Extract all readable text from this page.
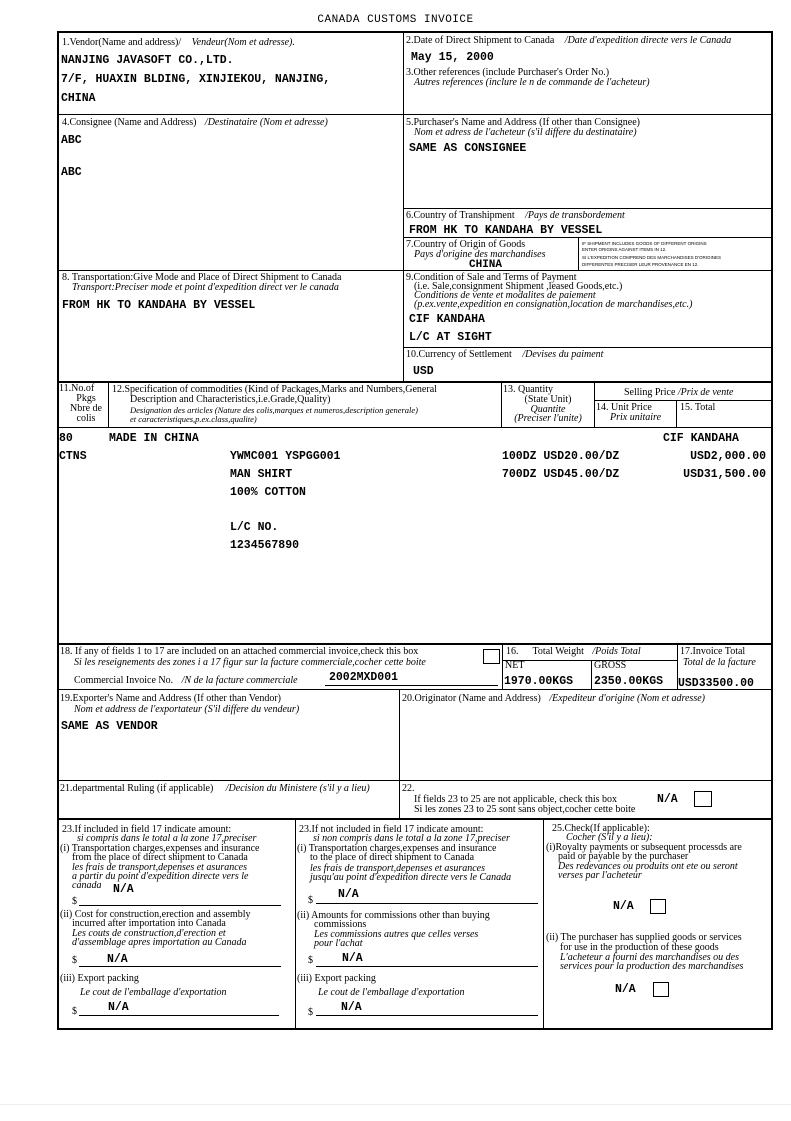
CANADA CUSTOMS INVOICE
1.Vendor(Name and address)/ Vendeur(Nom et adresse).
NANJING JAVASOFT CO.,LTD.
7/F, HUAXIN BLDING, XINJIEKOU, NANJING,
CHINA
2.Date of Direct Shipment to Canada /Date d'expedition directe vers le Canada
May 15, 2000
3.Other references (include Purchaser's Order No.)
Autres references (inclure le n de commande de l'acheteur)
4.Consignee (Name and Address) /Destinataire (Nom et adresse)
ABC
ABC
5.Purchaser's Name and Address (If other than Consignee)
Nom et adress de l'acheteur (s'il differe du destinataire)
SAME AS CONSIGNEE
6.Country of Transhipment /Pays de transbordement
FROM HK TO KANDAHA BY VESSEL
7.Country of Origin of Goods
Pays d'origine des marchandises
CHINA
IF SHIPMENT INCLUDES GOODS OF DIFFERENT ORIGINS
ENTER ORIGINS AGAINST ITEMS IN 12.
SI L'EXPEDITION COMPREND DES MARCHANDISES D'ORIGINES
DIFFERENTES PRECISER LEUR PROVENANCE EN 12.
8. Transportation:Give Mode and Place of Direct Shipment to Canada
Transport:Preciser mode et point d'expedition direct ver le canada
FROM HK TO KANDAHA BY VESSEL
9.Condition of Sale and Terms of Payment
(i.e. Sale,consignment Shipment ,leased Goods,etc.)
Conditions de vente et modalites de paiement
(p.ex.vente,expedition en consignation,location de marchandises,etc.)
CIF KANDAHA
L/C AT SIGHT
10.Currency of Settlement /Devises du paiment
USD
11.No.of
Pkgs
Nbre de
colis
12.Specification of commodities (Kind of Packages,Marks and Numbers,General
Description and Characteristics,i.e.Grade,Quality)
Designation des articles (Nature des colis,marques et numeros,description generale)
et caracteristiques,p.ex.class,qualite)
13. Quantity
(State Unit)
Quantite
(Preciser l'unite)
Selling Price /Prix de vente
14. Unit Price
Prix unitaire
15. Total
80	MADE IN CHINA	CIF KANDAHA
CTNS	YWMC001 YSPGG001
MAN SHIRT
100% COTTON
L/C NO.
1234567890
100DZ USD20.00/DZ	USD2,000.00
700DZ USD45.00/DZ	USD31,500.00
18. If any of fields 1 to 17 are included on an attached commercial invoice,check this box
Si les reseignements des zones i a 17 figur sur la facture commerciale,cocher cette boite
Commercial Invoice No. /N de la facture commerciale	2002MXD001
16. Total Weight /Poids Total
NET	GROSS
1970.00KGS 2350.00KGS
17.Invoice Total
Total de la facture
USD33500.00
19.Exporter's Name and Address (If other than Vendor)
Nom et address de l'exportateur (S'il differe du vendeur)
SAME AS VENDOR
20.Originator (Name and Address) /Expediteur d'origine (Nom et adresse)
21.departmental Ruling (if applicable) /Decision du Ministere (s'il y a lieu)	22.
If fields 23 to 25 are not applicable, check this box
Si les zones 23 to 25 sont sans object,cocher cette boite
N/A
23.If included in field 17 indicate amount:
si compris dans le total a la zone 17,preciser
(i) Transportation charges,expenses and insurance
from the place of direct shipment to Canada
les frais de transport,depenses et asurances
a partir du point d'expedition directe vers le
canada N/A
$
(ii) Cost for construction,erection and assembly
incurred after importation into Canada
Les couts de construction,d'erection et
d'assemblage apres importation au Canada
$	N/A
(iii) Export packing
Le cout de l'emballage d'exportation
$	N/A
23.If not included in field 17 indicate amount:
si non compris dans le total a la zone 17,preciser
(i) Transportation charges,expenses and insurance
to the place of direct shipment to Canada
les frais de transport,depenses et asurances
jusqu'au point d'expedition directe vers le Canada
$ N/A
(ii) Amounts for commissions other than buying
commissions
Les commissions autres que celles verses
pour l'achat
$	N/A
(iii) Export packing
Le cout de l'emballage d'exportation
$ N/A
25.Check(If applicable):
Cocher (S'il y a lieu):
(i)Royalty payments or subsequent processds are
paid or payable by the purchaser
Des redevances ou produits ont ete ou seront
verses par l'acheteur
N/A
(ii) The purchaser has supplied goods or services
for use in the production of these goods
L'acheteur a fourni des marchandises ou des
services pour la production des marchandises
N/A
